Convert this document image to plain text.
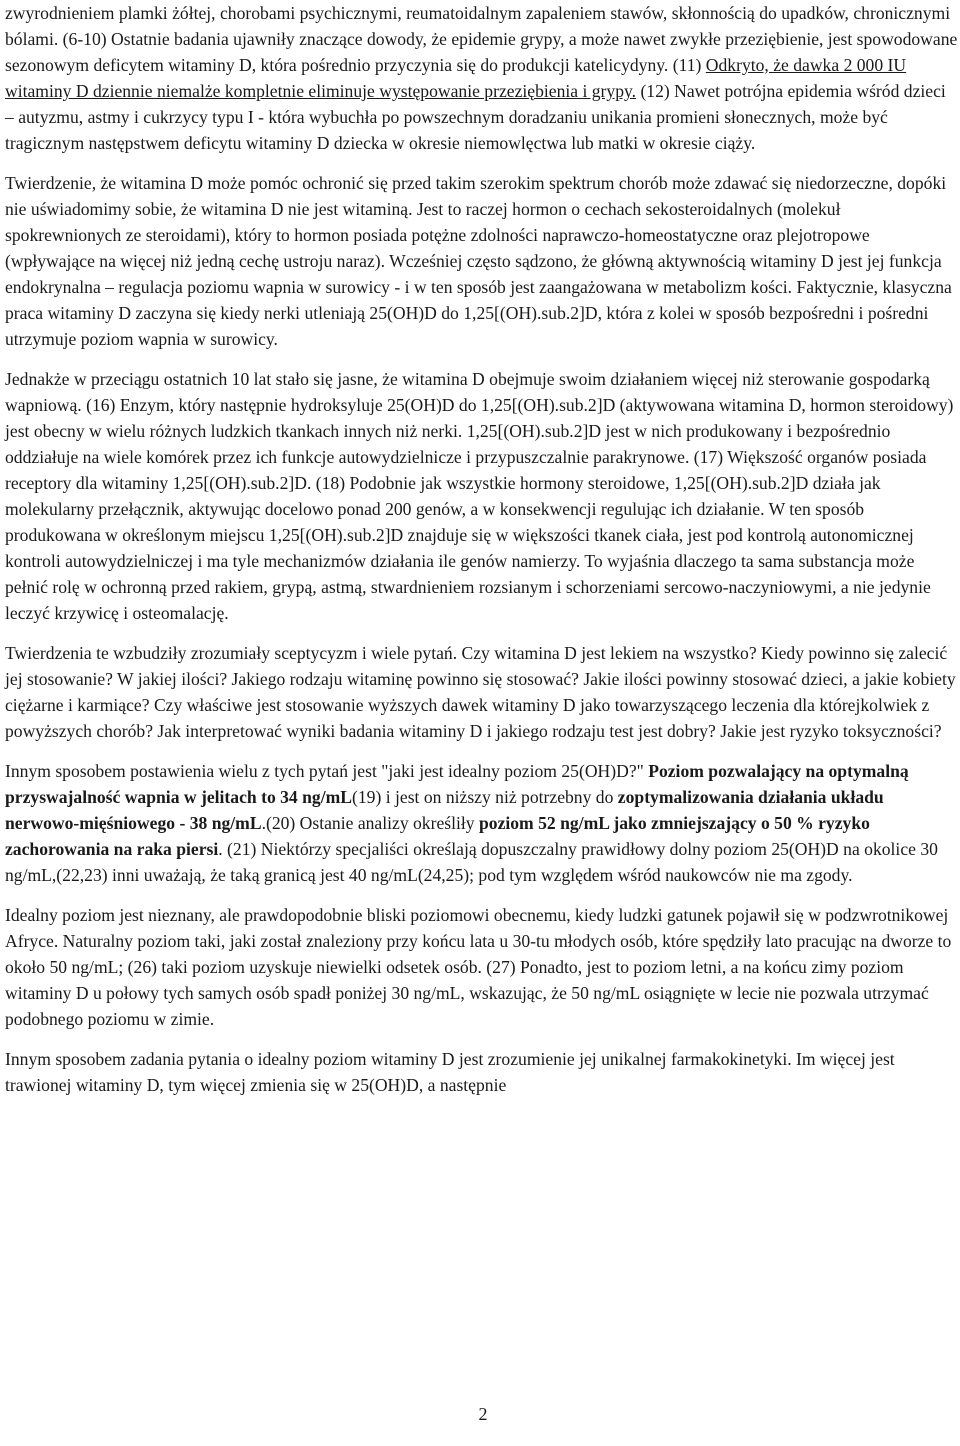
zwyrodnieniem plamki żółtej, chorobami psychicznymi, reumatoidalnym zapaleniem stawów, skłonnością do upadków, chronicznymi bólami. (6-10) Ostatnie badania ujawniły znaczące dowody, że epidemie grypy, a może nawet zwykłe przeziębienie, jest spowodowane sezonowym deficytem witaminy D, która pośrednio przyczynia się do produkcji katelicydyny. (11) Odkryto, że dawka 2 000 IU witaminy D dziennie niemalże kompletnie eliminuje występowanie przeziębienia i grypy. (12) Nawet potrójna epidemia wśród dzieci – autyzmu, astmy i cukrzycy typu I - która wybuchła po powszechnym doradzaniu unikania promieni słonecznych, może być tragicznym następstwem deficytu witaminy D dziecka w okresie niemowlęctwa lub matki w okresie ciąży.

Twierdzenie, że witamina D może pomóc ochronić się przed takim szerokim spektrum chorób może zdawać się niedorzeczne, dopóki nie uświadomimy sobie, że witamina D nie jest witaminą. Jest to raczej hormon o cechach sekosteroidalnych (molekuł spokrewnionych ze steroidami), który to hormon posiada potężne zdolności naprawczo-homeostatyczne oraz plejotropowe (wpływające na więcej niż jedną cechę ustroju naraz). Wcześniej często sądzono, że główną aktywnością witaminy D jest jej funkcja endokrynalna – regulacja poziomu wapnia w surowicy - i w ten sposób jest zaangażowana w metabolizm kości. Faktycznie, klasyczna praca witaminy D zaczyna się kiedy nerki utleniają 25(OH)D do 1,25[(OH).sub.2]D, która z kolei w sposób bezpośredni i pośredni utrzymuje poziom wapnia w surowicy.

Jednakże w przeciągu ostatnich 10 lat stało się jasne, że witamina D obejmuje swoim działaniem więcej niż sterowanie gospodarką wapniową. (16) Enzym, który następnie hydroksyluje 25(OH)D do 1,25[(OH).sub.2]D (aktywowana witamina D, hormon steroidowy) jest obecny w wielu różnych ludzkich tkankach innych niż nerki. 1,25[(OH).sub.2]D jest w nich produkowany i bezpośrednio oddziałuje na wiele komórek przez ich funkcje autowydzielnicze i przypuszczalnie parakrynowe. (17) Większość organów posiada receptory dla witaminy 1,25[(OH).sub.2]D. (18) Podobnie jak wszystkie hormony steroidowe, 1,25[(OH).sub.2]D działa jak molekularny przełącznik, aktywując docelowo ponad 200 genów, a w konsekwencji regulując ich działanie. W ten sposób produkowana w określonym miejscu 1,25[(OH).sub.2]D znajduje się w większości tkanek ciała, jest pod kontrolą autonomicznej kontroli autowydzielniczej i ma tyle mechanizmów działania ile genów namierzy. To wyjaśnia dlaczego ta sama substancja może pełnić rolę w ochronną przed rakiem, grypą, astmą, stwardnieniem rozsianym i schorzeniami sercowo-naczyniowymi, a nie jedynie leczyć krzywicę i osteomalację.

Twierdzenia te wzbudziły zrozumiały sceptycyzm i wiele pytań. Czy witamina D jest lekiem na wszystko? Kiedy powinno się zalecić jej stosowanie? W jakiej ilości? Jakiego rodzaju witaminę powinno się stosować? Jakie ilości powinny stosować dzieci, a jakie kobiety ciężarne i karmiące? Czy właściwe jest stosowanie wyższych dawek witaminy D jako towarzyszącego leczenia dla którejkolwiek z powyższych chorób? Jak interpretować wyniki badania witaminy D i jakiego rodzaju test jest dobry? Jakie jest ryzyko toksyczności?

Innym sposobem postawienia wielu z tych pytań jest "jaki jest idealny poziom 25(OH)D?" Poziom pozwalający na optymalną przyswajalność wapnia w jelitach to 34 ng/mL(19) i jest on niższy niż potrzebny do zoptymalizowania działania układu nerwowo-mięśniowego - 38 ng/mL.(20) Ostanie analizy określiły poziom 52 ng/mL jako zmniejszający o 50 % ryzyko zachorowania na raka piersi. (21) Niektórzy specjaliści określają dopuszczalny prawidłowy dolny poziom 25(OH)D na okolice 30 ng/mL,(22,23) inni uważają, że taką granicą jest 40 ng/mL(24,25); pod tym względem wśród naukowców nie ma zgody.

Idealny poziom jest nieznany, ale prawdopodobnie bliski poziomowi obecnemu, kiedy ludzki gatunek pojawił się w podzwrotnikowej Afryce. Naturalny poziom taki, jaki został znaleziony przy końcu lata u 30-tu młodych osób, które spędziły lato pracując na dworze to około 50 ng/mL; (26) taki poziom uzyskuje niewielki odsetek osób. (27) Ponadto, jest to poziom letni, a na końcu zimy poziom witaminy D u połowy tych samych osób spadł poniżej 30 ng/mL, wskazując, że 50 ng/mL osiągnięte w lecie nie pozwala utrzymać podobnego poziomu w zimie.

Innym sposobem zadania pytania o idealny poziom witaminy D jest zrozumienie jej unikalnej farmakokinetyki. Im więcej jest trawionej witaminy D, tym więcej zmienia się w 25(OH)D, a następnie

2
